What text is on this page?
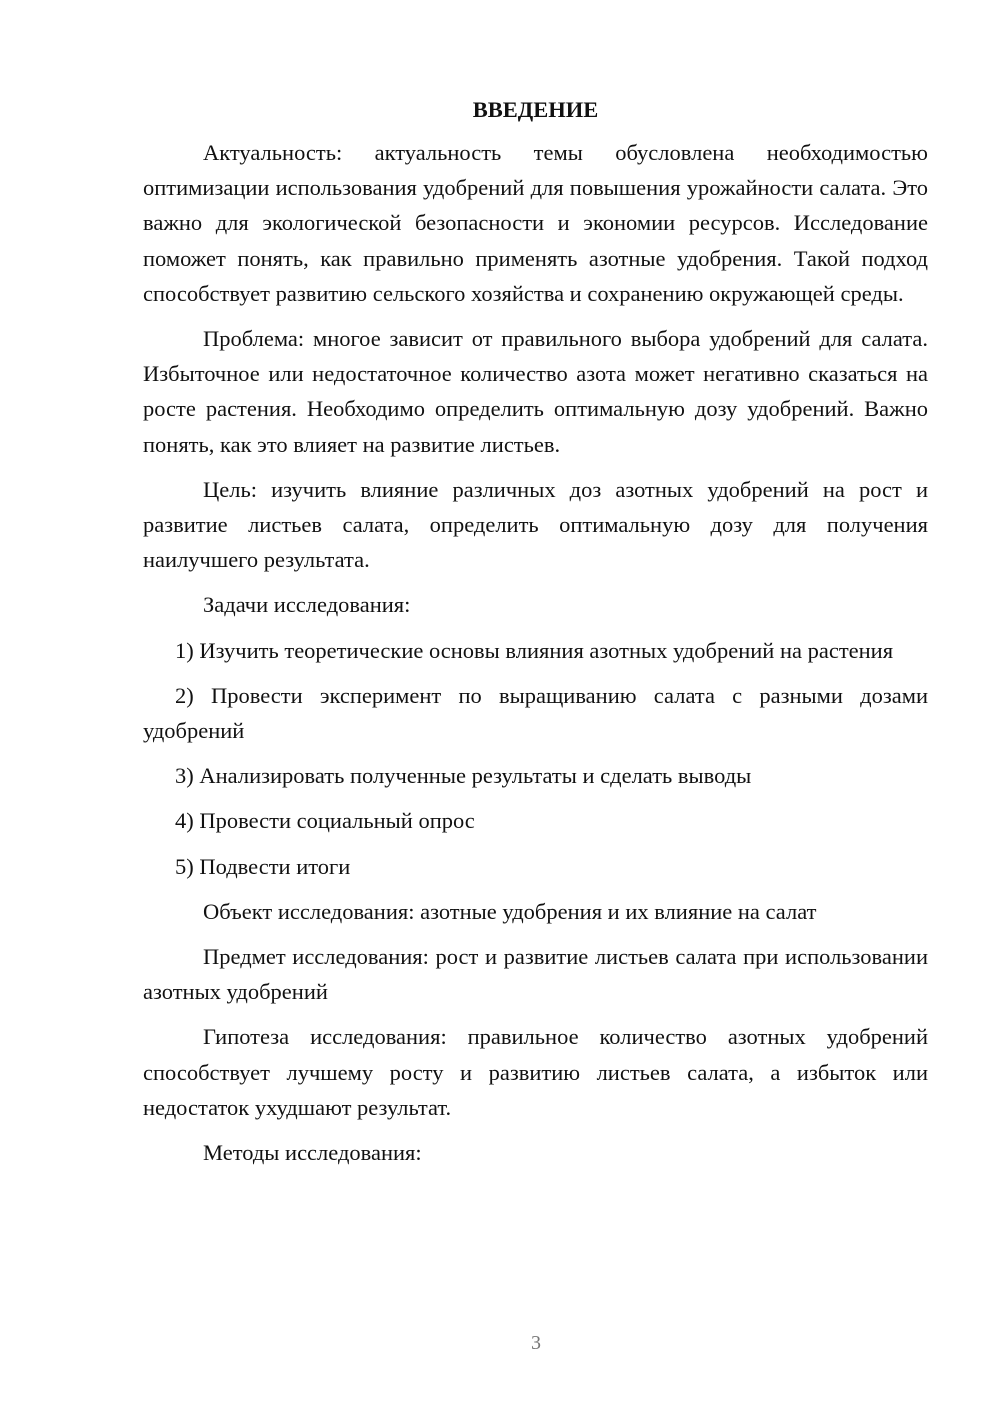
ВВЕДЕНИЕ

Актуальность: актуальность темы обусловлена необходимостью оптимизации использования удобрений для повышения урожайности салата. Это важно для экологической безопасности и экономии ресурсов. Исследование поможет понять, как правильно применять азотные удобрения. Такой подход способствует развитию сельского хозяйства и сохранению окружающей среды.

Проблема: многое зависит от правильного выбора удобрений для салата. Избыточное или недостаточное количество азота может негативно сказаться на росте растения. Необходимо определить оптимальную дозу удобрений. Важно понять, как это влияет на развитие листьев.

Цель: изучить влияние различных доз азотных удобрений на рост и развитие листьев салата, определить оптимальную дозу для получения наилучшего результата.

Задачи исследования:

1) Изучить теоретические основы влияния азотных удобрений на растения

2) Провести эксперимент по выращиванию салата с разными дозами удобрений

3) Анализировать полученные результаты и сделать выводы

4) Провести социальный опрос

5) Подвести итоги

Объект исследования: азотные удобрения и их влияние на салат

Предмет исследования: рост и развитие листьев салата при использовании азотных удобрений

Гипотеза исследования: правильное количество азотных удобрений способствует лучшему росту и развитию листьев салата, а избыток или недостаток ухудшают результат.

Методы исследования:

3
